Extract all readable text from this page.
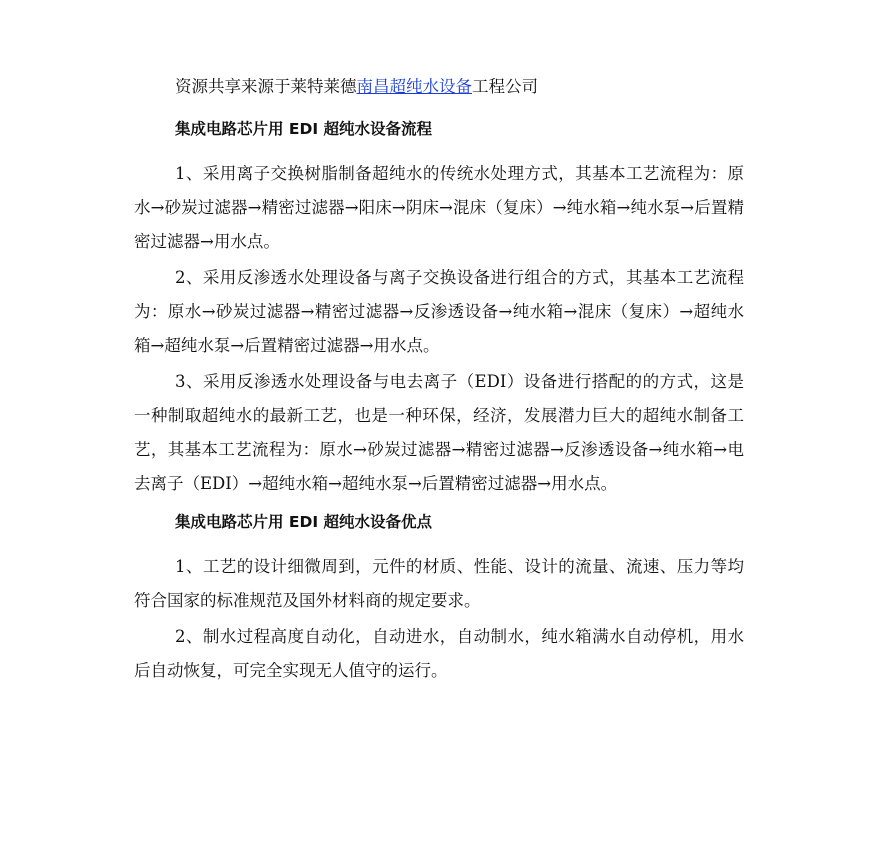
资源共享来源于莱特莱德南昌超纯水设备工程公司

集成电路芯片用 EDI 超纯水设备流程

1、采用离子交换树脂制备超纯水的传统水处理方式，其基本工艺流程为：原水→砂炭过滤器→精密过滤器→阳床→阴床→混床（复床）→纯水箱→纯水泵→后置精密过滤器→用水点。

2、采用反渗透水处理设备与离子交换设备进行组合的方式，其基本工艺流程为：原水→砂炭过滤器→精密过滤器→反渗透设备→纯水箱→混床（复床）→超纯水箱→超纯水泵→后置精密过滤器→用水点。

3、采用反渗透水处理设备与电去离子（EDI）设备进行搭配的的方式，这是一种制取超纯水的最新工艺，也是一种环保，经济，发展潜力巨大的超纯水制备工艺，其基本工艺流程为：原水→砂炭过滤器→精密过滤器→反渗透设备→纯水箱→电去离子（EDI）→超纯水箱→超纯水泵→后置精密过滤器→用水点。

集成电路芯片用 EDI 超纯水设备优点

1、工艺的设计细微周到，元件的材质、性能、设计的流量、流速、压力等均符合国家的标准规范及国外材料商的规定要求。

2、制水过程高度自动化，自动进水，自动制水，纯水箱满水自动停机，用水后自动恢复，可完全实现无人值守的运行。
